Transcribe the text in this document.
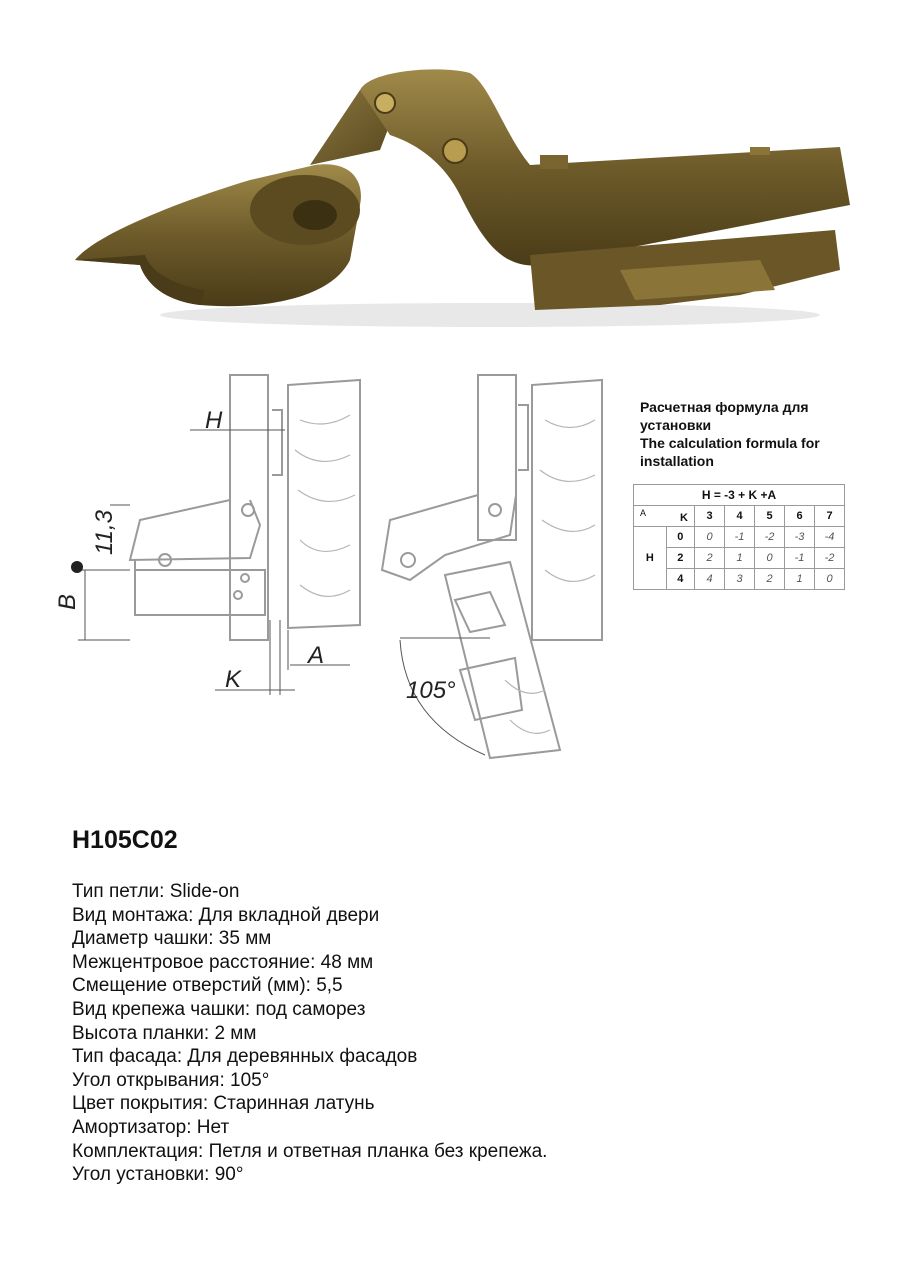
H
11,3
B
K
A
105°
Расчетная формула для
установки
The calculation formula for
installation
H = -3 + K +A						

A K		3	4	5	6	7
H	0	0	-1	-2	-3	-4
	2	2	1	0	-1	-2
	4	4	3	2	1	0
H105C02
Тип петли: Slide-on
Вид монтажа: Для вкладной двери
Диаметр чашки: 35 мм
Межцентровое расстояние: 48 мм
Смещение отверстий (мм): 5,5
Вид крепежа чашки: под саморез
Высота планки: 2 мм
Тип фасада: Для деревянных фасадов
Угол открывания: 105°
Цвет покрытия: Старинная латунь
Амортизатор: Нет
Комплектация: Петля и ответная планка без крепежа.
Угол установки: 90°
